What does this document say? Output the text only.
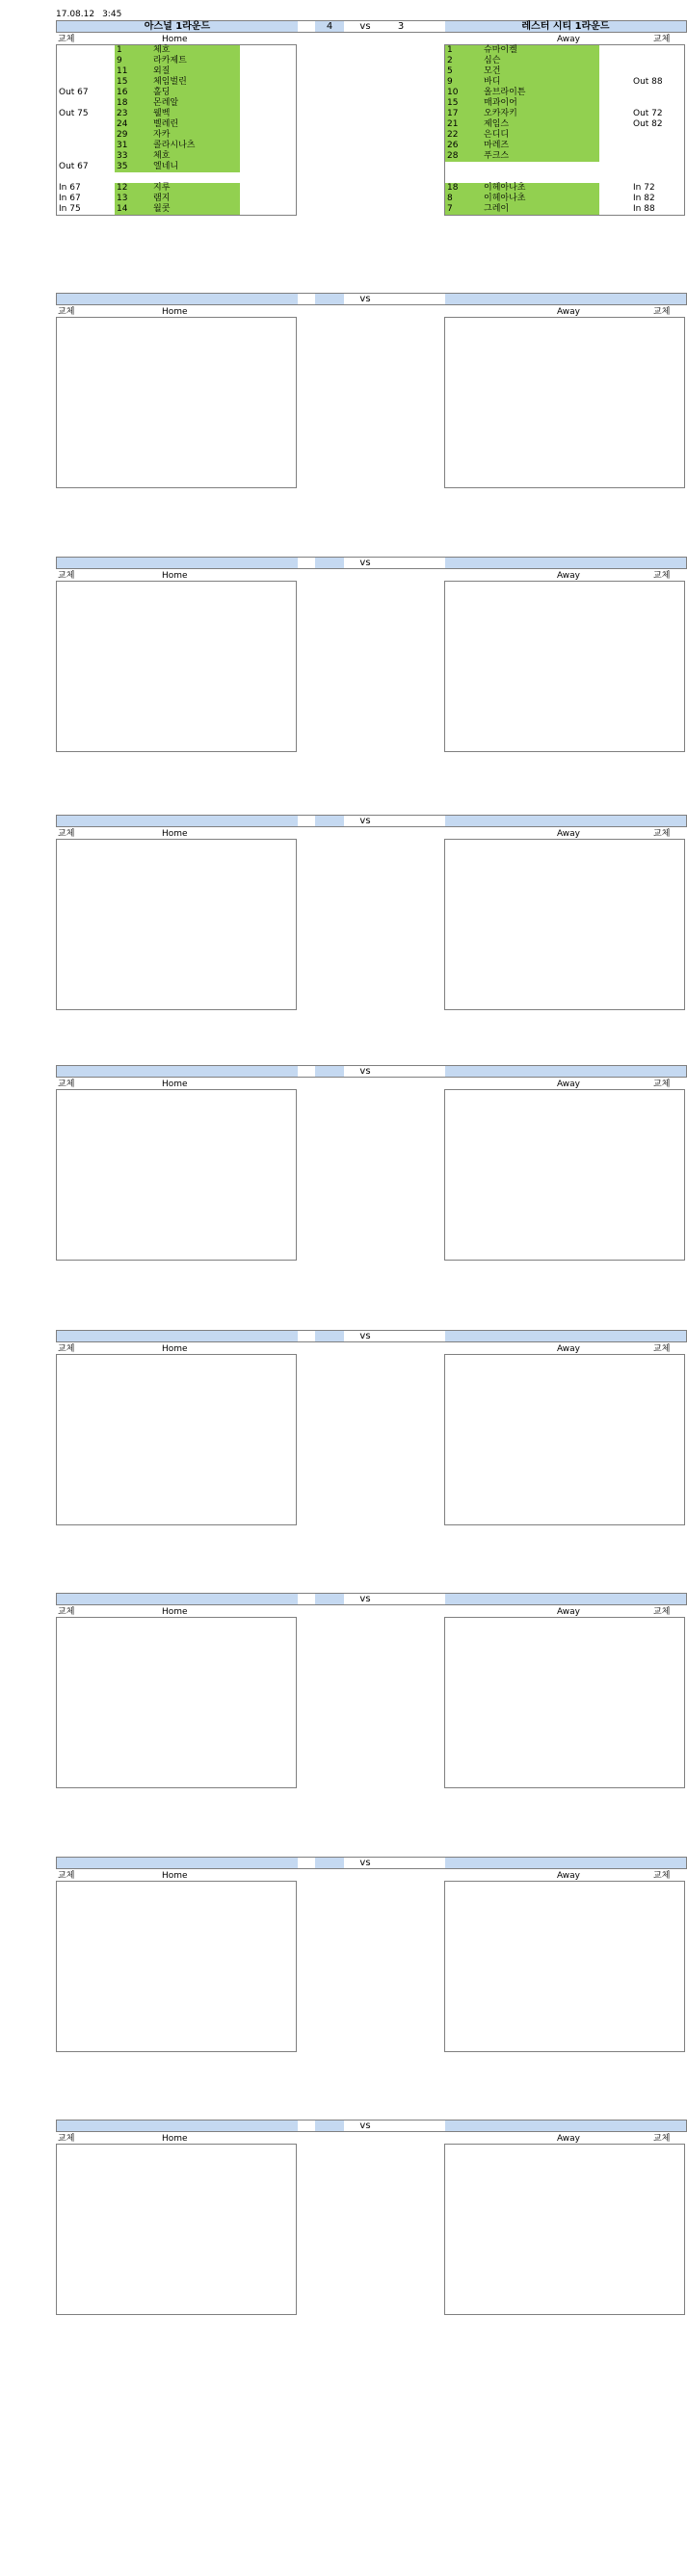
17.08.12 3:45
아스널 1라운드	4	vs	3	레스터 시티 1라운드
교체	Home	Away	교체
1	체흐
9	라카제트
11	외질
15	체임벌린
Out 67	16	홀딩
18	몬레알
Out 75	23	웰벡
24	벨레린
29	자카
31	콜라시나츠
33	체흐
Out 67	35	엘네니
In 67	12	지루
In 67	13	램지
In 75	14	월콧
1	슈마이켈
2	심슨
5	모건
9	바디	Out 88
10	올브라이튼
15	매과이어
17	오카자키	Out 72
21	제임스	Out 82
22	은디디
26	마레즈
28	푸크스
18	이헤아나초	In 72
8	이헤아나초	In 82
7	그레이	In 88
vs
교체	Home	Away	교체
vs
교체	Home	Away	교체
vs
교체	Home	Away	교체
vs
교체	Home	Away	교체
vs
교체	Home	Away	교체
vs
교체	Home	Away	교체
vs
교체	Home	Away	교체
vs
교체	Home	Away	교체
